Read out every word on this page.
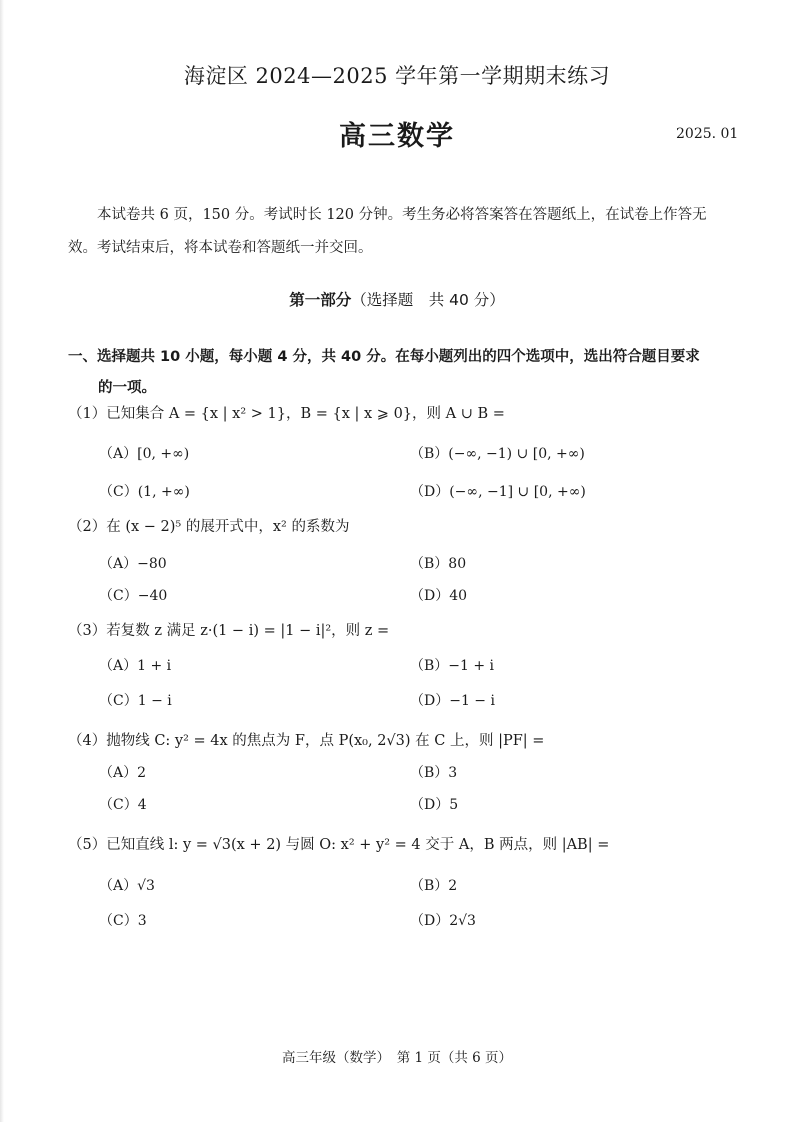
海淀区 2024—2025 学年第一学期期末练习
高三数学	2025. 01
本试卷共 6 页，150 分。考试时长 120 分钟。考生务必将答案答在答题纸上，在试卷上作答无效。考试结束后，将本试卷和答题纸一并交回。
第一部分（选择题　共 40 分）
一、选择题共 10 小题，每小题 4 分，共 40 分。在每小题列出的四个选项中，选出符合题目要求
的一项。
（1）已知集合 A = {x | x² > 1}，B = {x | x ⩾ 0}，则 A ∪ B =
（A）[0, +∞)	（B）(−∞, −1) ∪ [0, +∞)
（C）(1, +∞)	（D）(−∞, −1] ∪ [0, +∞)
（2）在 (x − 2)⁵ 的展开式中，x² 的系数为
（A）−80	（B）80
（C）−40	（D）40
（3）若复数 z 满足 z·(1 − i) = |1 − i|²，则 z =
（A）1 + i	（B）−1 + i
（C）1 − i	（D）−1 − i
（4）抛物线 C: y² = 4x 的焦点为 F，点 P(x₀, 2√3) 在 C 上，则 |PF| =
（A）2	（B）3
（C）4	（D）5
（5）已知直线 l: y = √3(x + 2) 与圆 O: x² + y² = 4 交于 A，B 两点，则 |AB| =
（A）√3	（B）2
（C）3	（D）2√3
高三年级（数学）　第 1 页（共 6 页）
